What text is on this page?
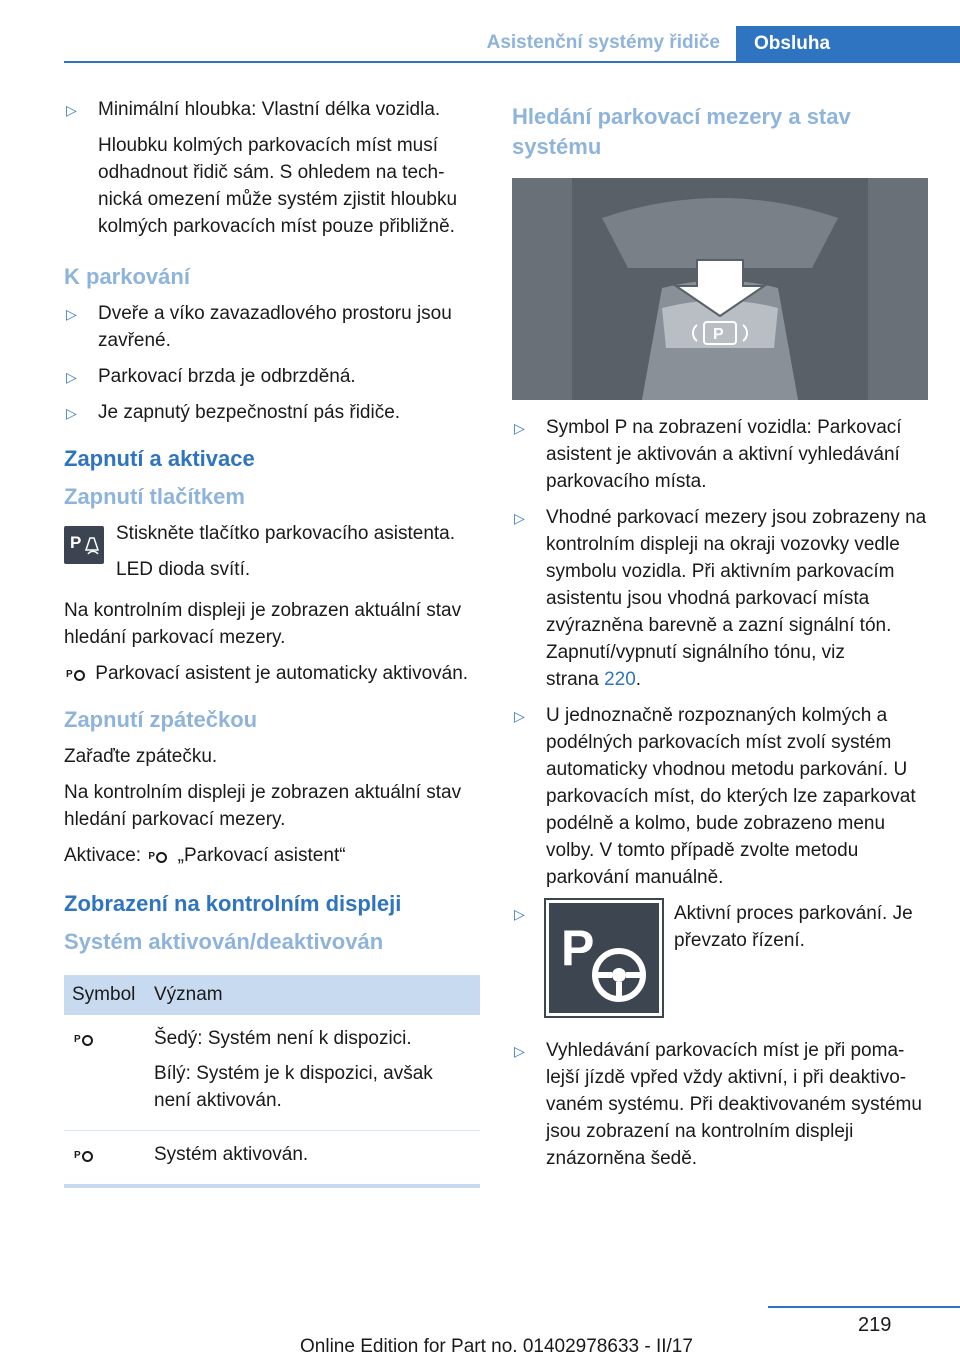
Asistenční systémy řidiče	Obsluha
▷ Minimální hloubka: Vlastní délka vozidla.
Hloubku kolmých parkovacích míst musí odhadnout řidič sám. S ohledem na technická omezení může systém zjistit hloubku kolmých parkovacích míst pouze přibližně.
K parkování
▷ Dveře a víko zavazadlového prostoru jsou zavřené.
▷ Parkovací brzda je odbrzděná.
▷ Je zapnutý bezpečnostní pás řidiče.
Zapnutí a aktivace
Zapnutí tlačítkem
P Stiskněte tlačítko parkovacího asistenta.
LED dioda svítí.
Na kontrolním displeji je zobrazen aktuální stav hledání parkovací mezery.
P Parkovací asistent je automaticky aktivován.
Zapnutí zpátečkou
Zařaďte zpátečku.
Na kontrolním displeji je zobrazen aktuální stav hledání parkovací mezery.
Aktivace: P „Parkovací asistent“
Zobrazení na kontrolním displeji
Systém aktivován/deaktivován
Symbol	Význam

P	Šedý: Systém není k dispozici.

Bílý: Systém je k dispozici, avšak není aktivován.

P	Systém aktivován.

Hledání parkovací mezery a stav systému
P
▷ Symbol P na zobrazení vozidla: Parkovací asistent je aktivován a aktivní vyhledávání parkovacího místa.
▷ Vhodné parkovací mezery jsou zobrazeny na kontrolním displeji na okraji vozovky vedle symbolu vozidla. Při aktivním parkovacím asistentu jsou vhodná parkovací místa zvýrazněna barevně a zazní signální tón. Zapnutí/vypnutí signálního tónu, viz
strana 220.
▷ U jednoznačně rozpoznaných kolmých a podélných parkovacích míst zvolí systém automaticky vhodnou metodu parkování. U parkovacích míst, do kterých lze zaparkovat podélně a kolmo, bude zobrazeno menu volby. V tomto případě zvolte metodu parkování manuálně.
▷
P
Aktivní proces parkování. Je převzato řízení.
▷ Vyhledávání parkovacích míst je při pomalejší jízdě vpřed vždy aktivní, i při deaktivovaném systému. Při deaktivovaném systému jsou zobrazení na kontrolním displeji znázorněna šedě.
219
Online Edition for Part no. 01402978633 - II/17
